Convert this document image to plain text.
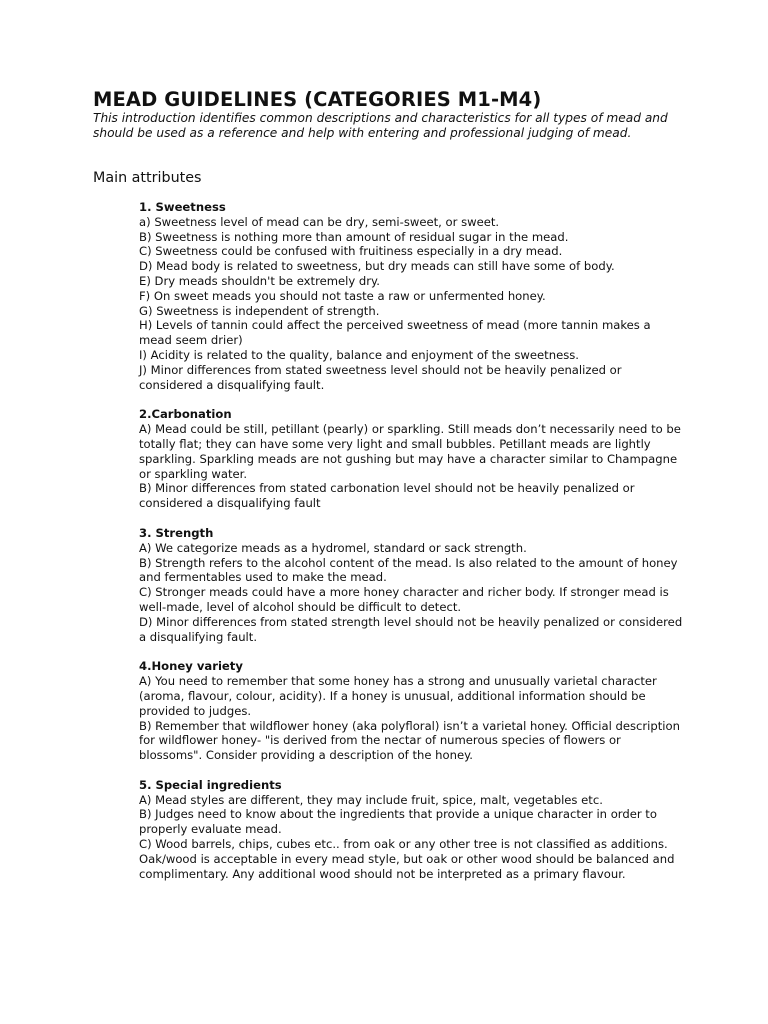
MEAD GUIDELINES (CATEGORIES M1-M4)

This introduction identifies common descriptions and characteristics for all types of mead and should be used as a reference and help with entering and professional judging of mead.

Main attributes
1. Sweetness

a) Sweetness level of mead can be dry, semi-sweet, or sweet.

B) Sweetness is nothing more than amount of residual sugar in the mead.

C) Sweetness could be confused with fruitiness especially in a dry mead.

D) Mead body is related to sweetness, but dry meads can still have some of body.

E) Dry meads shouldn't be extremely dry.

F) On sweet meads you should not taste a raw or unfermented honey.

G) Sweetness is independent of strength.

H) Levels of tannin could affect the perceived sweetness of mead (more tannin makes a mead seem drier)

I) Acidity is related to the quality, balance and enjoyment of the sweetness.

J) Minor differences from stated sweetness level should not be heavily penalized or considered a disqualifying fault.

2.Carbonation

A) Mead could be still, petillant (pearly) or sparkling. Still meads don’t necessarily need to be totally flat; they can have some very light and small bubbles. Petillant meads are lightly sparkling. Sparkling meads are not gushing but may have a character similar to Champagne or sparkling water.

B) Minor differences from stated carbonation level should not be heavily penalized or considered a disqualifying fault

3. Strength

A) We categorize meads as a hydromel, standard or sack strength.

B) Strength refers to the alcohol content of the mead. Is also related to the amount of honey and fermentables used to make the mead.

C) Stronger meads could have a more honey character and richer body. If stronger mead is well-made, level of alcohol should be difficult to detect.

D) Minor differences from stated strength level should not be heavily penalized or considered a disqualifying fault.

4.Honey variety

A) You need to remember that some honey has a strong and unusually varietal character (aroma, flavour, colour, acidity). If a honey is unusual, additional information should be provided to judges.

B) Remember that wildflower honey (aka polyfloral) isn’t a varietal honey. Official description for wildflower honey- "is derived from the nectar of numerous species of flowers or blossoms". Consider providing a description of the honey.

5. Special ingredients

A) Mead styles are different, they may include fruit, spice, malt, vegetables etc.

B) Judges need to know about the ingredients that provide a unique character in order to properly evaluate mead.

C) Wood barrels, chips, cubes etc.. from oak or any other tree is not classified as additions. Oak/wood is acceptable in every mead style, but oak or other wood should be balanced and complimentary. Any additional wood should not be interpreted as a primary flavour.
